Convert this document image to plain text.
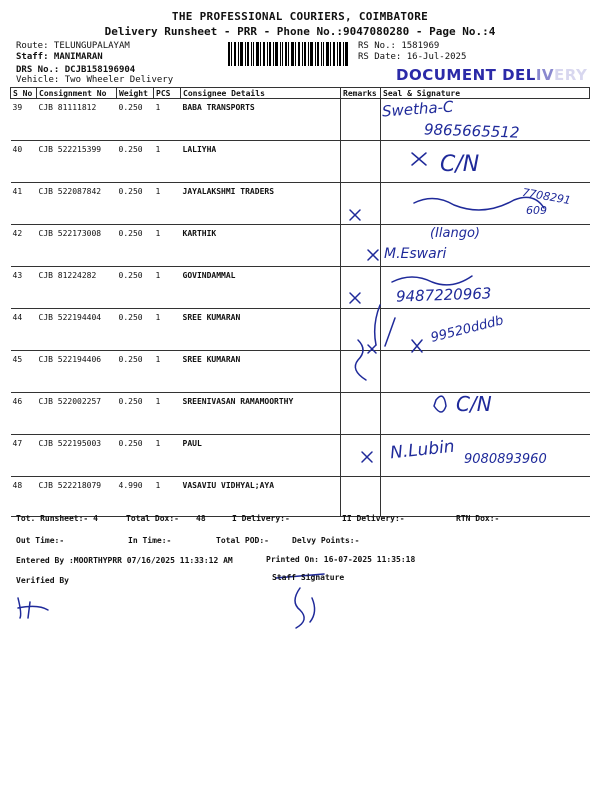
THE PROFESSIONAL COURIERS, COIMBATORE
Delivery Runsheet - PRR - Phone No.:9047080280 - Page No.:4
Route: TELUNGUPALAYAM
Staff: MANIMARAN
DRS No.: DCJB158196904
Vehicle: Two Wheeler Delivery
RS No.: 1581969
RS Date: 16-Jul-2025
DOCUMENT DELIVERY
S No	Consignment No	Weight	PCS	Consignee Details	Remarks	Seal & Signature
39	CJB 81111812	0.250	1	BABA TRANSPORTS		
40	CJB 522215399	0.250	1	LALIYHA		
41	CJB 522087842	0.250	1	JAYALAKSHMI TRADERS		
42	CJB 522173008	0.250	1	KARTHIK		
43	CJB 81224282	0.250	1	GOVINDAMMAL		
44	CJB 522194404	0.250	1	SREE KUMARAN		
45	CJB 522194406	0.250	1	SREE KUMARAN		
46	CJB 522002257	0.250	1	SREENIVASAN RAMAMOORTHY		
47	CJB 522195003	0.250	1	PAUL		
48	CJB 522218079	4.990	1	VASAVIU VIDHYAL;AYA		
Swetha-C
9865665512
C/N
7708291
609
(Ilango)
M.Eswari
9487220963
99520dddb
C/N
N.Lubin 9080893960
Tot. Runsheet:- 4	Total Dox:- 48	I Delivery:-	II Delivery:-	RTN Dox:-
Out Time:-	In Time:-	Total POD:-	Delvy Points:-
Entered By :MOORTHYPRR 07/16/2025 11:33:12 AM	Printed On: 16-07-2025 11:35:18
Verified By	Staff Signature
